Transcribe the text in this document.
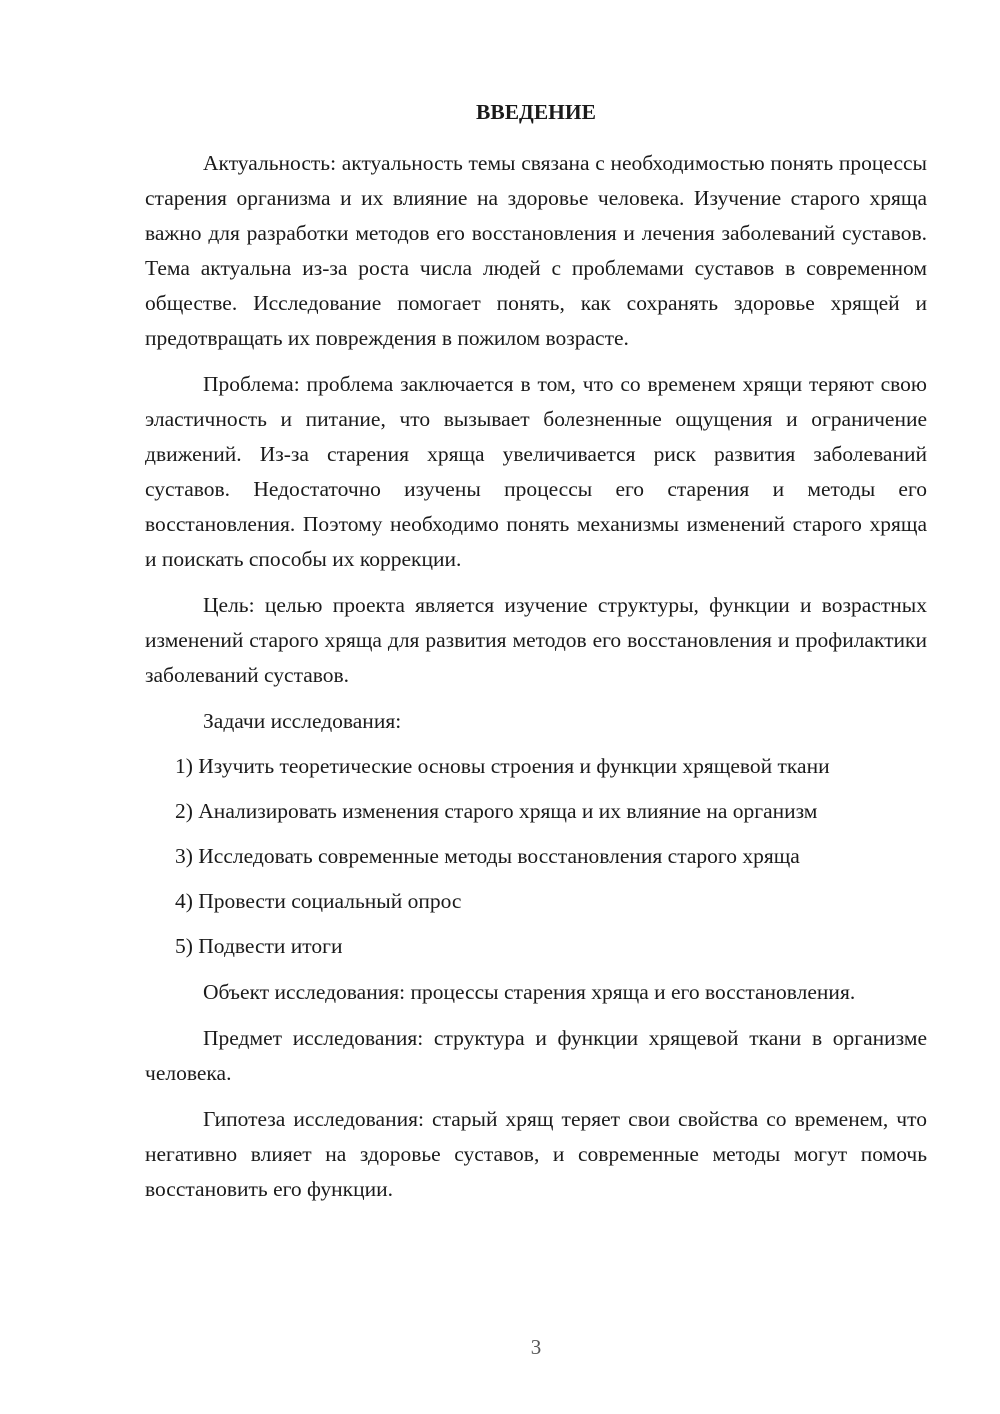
ВВЕДЕНИЕ

Актуальность: актуальность темы связана с необходимостью понять процессы старения организма и их влияние на здоровье человека. Изучение старого хряща важно для разработки методов его восстановления и лечения заболеваний суставов. Тема актуальна из-за роста числа людей с проблемами суставов в современном обществе. Исследование помогает понять, как сохранять здоровье хрящей и предотвращать их повреждения в пожилом возрасте.

Проблема: проблема заключается в том, что со временем хрящи теряют свою эластичность и питание, что вызывает болезненные ощущения и ограничение движений. Из-за старения хряща увеличивается риск развития заболеваний суставов. Недостаточно изучены процессы его старения и методы его восстановления. Поэтому необходимо понять механизмы изменений старого хряща и поискать способы их коррекции.

Цель: целью проекта является изучение структуры, функции и возрастных изменений старого хряща для развития методов его восстановления и профилактики заболеваний суставов.

Задачи исследования:

1) Изучить теоретические основы строения и функции хрящевой ткани
2) Анализировать изменения старого хряща и их влияние на организм
3) Исследовать современные методы восстановления старого хряща
4) Провести социальный опрос
5) Подвести итоги

Объект исследования: процессы старения хряща и его восстановления.

Предмет исследования: структура и функции хрящевой ткани в организме человека.

Гипотеза исследования: старый хрящ теряет свои свойства со временем, что негативно влияет на здоровье суставов, и современные методы могут помочь восстановить его функции.

3
